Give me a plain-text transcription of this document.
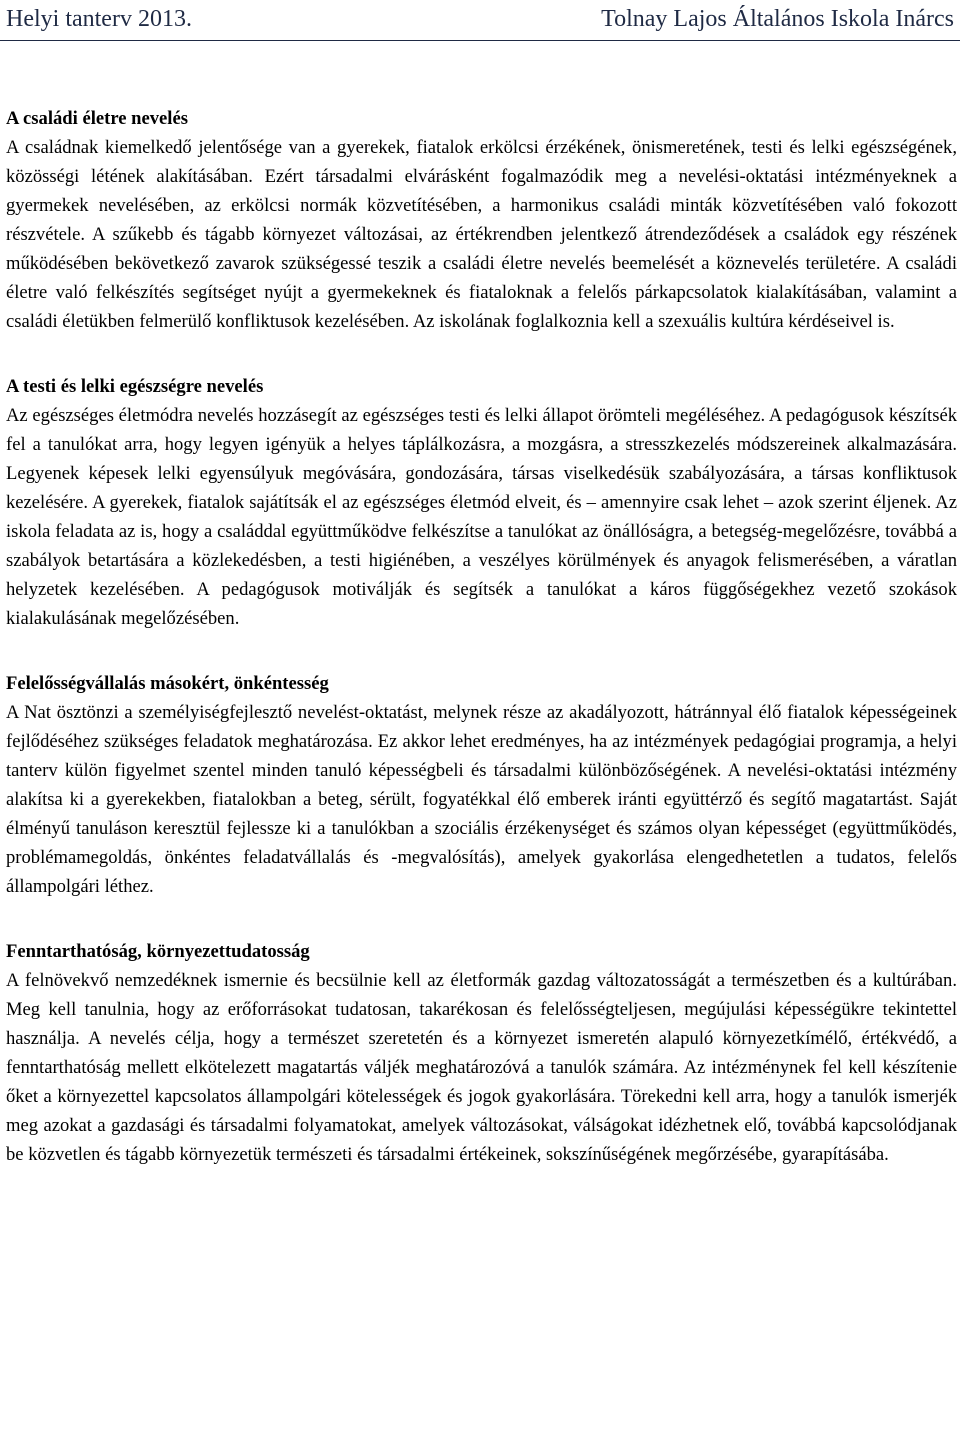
Helyi tanterv 2013.	Tolnay Lajos Általános Iskola Inárcs

A családi életre nevelés

A családnak kiemelkedő jelentősége van a gyerekek, fiatalok erkölcsi érzékének, önismeretének, testi és lelki egészségének, közösségi létének alakításában. Ezért társadalmi elvárásként fogalmazódik meg a nevelési-oktatási intézményeknek a gyermekek nevelésében, az erkölcsi normák közvetítésében, a harmonikus családi minták közvetítésében való fokozott részvétele. A szűkebb és tágabb környezet változásai, az értékrendben jelentkező átrendeződések a családok egy részének működésében bekövetkező zavarok szükségessé teszik a családi életre nevelés beemelését a köznevelés területére. A családi életre való felkészítés segítséget nyújt a gyermekeknek és fiataloknak a felelős párkapcsolatok kialakításában, valamint a családi életükben felmerülő konfliktusok kezelésében. Az iskolának foglalkoznia kell a szexuális kultúra kérdéseivel is.

A testi és lelki egészségre nevelés

Az egészséges életmódra nevelés hozzásegít az egészséges testi és lelki állapot örömteli megéléséhez. A pedagógusok készítsék fel a tanulókat arra, hogy legyen igényük a helyes táplálkozásra, a mozgásra, a stresszkezelés módszereinek alkalmazására. Legyenek képesek lelki egyensúlyuk megóvására, gondozására, társas viselkedésük szabályozására, a társas konfliktusok kezelésére. A gyerekek, fiatalok sajátítsák el az egészséges életmód elveit, és – amennyire csak lehet – azok szerint éljenek. Az iskola feladata az is, hogy a családdal együttműködve felkészítse a tanulókat az önállóságra, a betegség-megelőzésre, továbbá a szabályok betartására a közlekedésben, a testi higiénében, a veszélyes körülmények és anyagok felismerésében, a váratlan helyzetek kezelésében. A pedagógusok motiválják és segítsék a tanulókat a káros függőségekhez vezető szokások kialakulásának megelőzésében.

Felelősségvállalás másokért, önkéntesség

A Nat ösztönzi a személyiségfejlesztő nevelést-oktatást, melynek része az akadályozott, hátránnyal élő fiatalok képességeinek fejlődéséhez szükséges feladatok meghatározása. Ez akkor lehet eredményes, ha az intézmények pedagógiai programja, a helyi tanterv külön figyelmet szentel minden tanuló képességbeli és társadalmi különbözőségének. A nevelési-oktatási intézmény alakítsa ki a gyerekekben, fiatalokban a beteg, sérült, fogyatékkal élő emberek iránti együttérző és segítő magatartást. Saját élményű tanuláson keresztül fejlessze ki a tanulókban a szociális érzékenységet és számos olyan képességet (együttműködés, problémamegoldás, önkéntes feladatvállalás és -megvalósítás), amelyek gyakorlása elengedhetetlen a tudatos, felelős állampolgári léthez.

Fenntarthatóság, környezettudatosság

A felnövekvő nemzedéknek ismernie és becsülnie kell az életformák gazdag változatosságát a természetben és a kultúrában. Meg kell tanulnia, hogy az erőforrásokat tudatosan, takarékosan és felelősségteljesen, megújulási képességükre tekintettel használja. A nevelés célja, hogy a természet szeretetén és a környezet ismeretén alapuló környezetkímélő, értékvédő, a fenntarthatóság mellett elkötelezett magatartás váljék meghatározóvá a tanulók számára. Az intézménynek fel kell készítenie őket a környezettel kapcsolatos állampolgári kötelességek és jogok gyakorlására. Törekedni kell arra, hogy a tanulók ismerjék meg azokat a gazdasági és társadalmi folyamatokat, amelyek változásokat, válságokat idézhetnek elő, továbbá kapcsolódjanak be közvetlen és tágabb környezetük természeti és társadalmi értékeinek, sokszínűségének megőrzésébe, gyarapításába.
